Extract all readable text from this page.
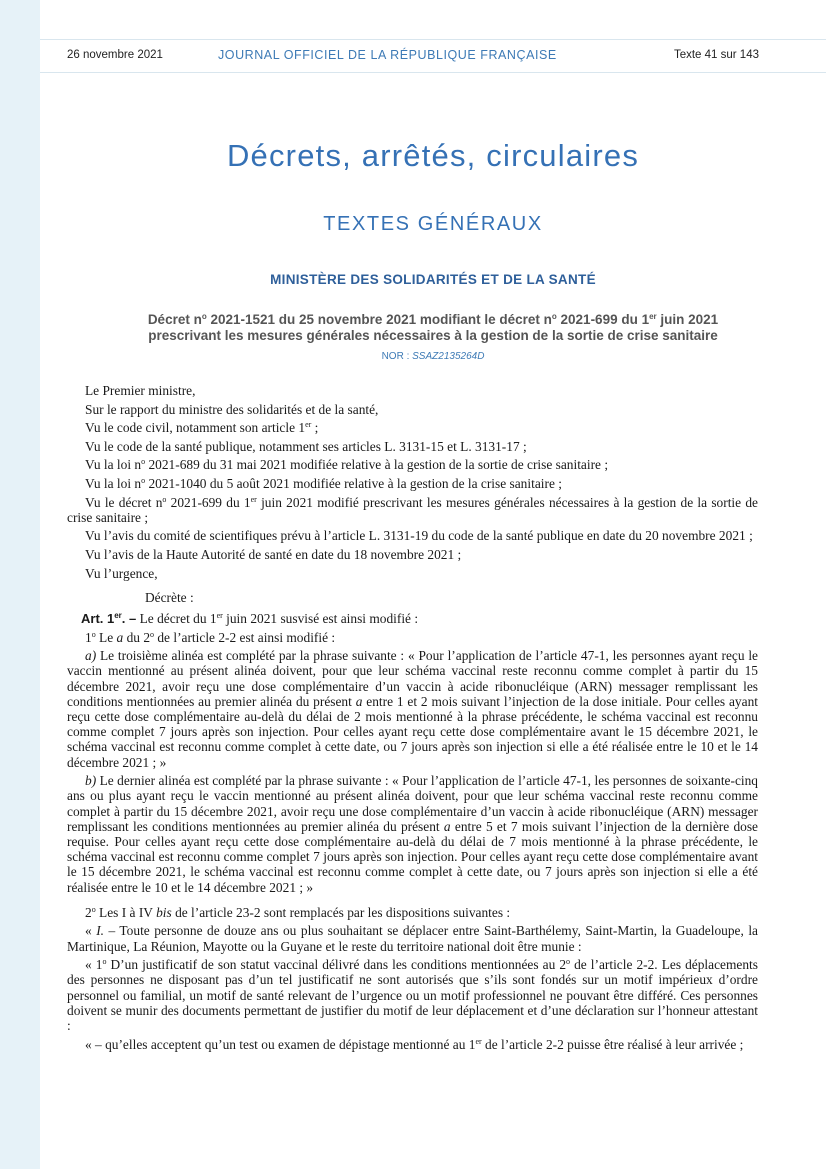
26 novembre 2021	JOURNAL OFFICIEL DE LA RÉPUBLIQUE FRANÇAISE	Texte 41 sur 143
Décrets, arrêtés, circulaires
TEXTES GÉNÉRAUX
MINISTÈRE DES SOLIDARITÉS ET DE LA SANTÉ
Décret $n^o$ 2021-1521 du 25 novembre 2021 modifiant le décret $n^o$ 2021-699 du 1er juin 2021
prescrivant les mesures générales nécessaires à la gestion de la sortie de crise sanitaire
NOR : SSAZ2135264D

Le Premier ministre,

Sur le rapport du ministre des solidarités et de la santé,

Vu le code civil, notamment son article 1er ;

Vu le code de la santé publique, notamment ses articles L. 3131-15 et L. 3131-17 ;

Vu la loi $n^o$ 2021-689 du 31 mai 2021 modifiée relative à la gestion de la sortie de crise sanitaire ;

Vu la loi $n^o$ 2021-1040 du 5 août 2021 modifiée relative à la gestion de la crise sanitaire ;

Vu le décret $n^o$ 2021-699 du 1er juin 2021 modifié prescrivant les mesures générales nécessaires à la gestion de la sortie de crise sanitaire ;

Vu l’avis du comité de scientifiques prévu à l’article L. 3131-19 du code de la santé publique en date du 20 novembre 2021 ;

Vu l’avis de la Haute Autorité de santé en date du 18 novembre 2021 ;

Vu l’urgence,

Décrète :

Art. 1er. – Le décret du 1er juin 2021 susvisé est ainsi modifié :

1$^o$ Le a du 2$^o$ de l’article 2-2 est ainsi modifié :

a) Le troisième alinéa est complété par la phrase suivante : « Pour l’application de l’article 47-1, les personnes ayant reçu le vaccin mentionné au présent alinéa doivent, pour que leur schéma vaccinal reste reconnu comme complet à partir du 15 décembre 2021, avoir reçu une dose complémentaire d’un vaccin à acide ribonucléique (ARN) messager remplissant les conditions mentionnées au premier alinéa du présent a entre 1 et 2 mois suivant l’injection de la dose initiale. Pour celles ayant reçu cette dose complémentaire au-delà du délai de 2 mois mentionné à la phrase précédente, le schéma vaccinal est reconnu comme complet 7 jours après son injection. Pour celles ayant reçu cette dose complémentaire avant le 15 décembre 2021, le schéma vaccinal est reconnu comme complet à cette date, ou 7 jours après son injection si elle a été réalisée entre le 10 et le 14 décembre 2021 ; »

b) Le dernier alinéa est complété par la phrase suivante : « Pour l’application de l’article 47-1, les personnes de soixante-cinq ans ou plus ayant reçu le vaccin mentionné au présent alinéa doivent, pour que leur schéma vaccinal reste reconnu comme complet à partir du 15 décembre 2021, avoir reçu une dose complémentaire d’un vaccin à acide ribonucléique (ARN) messager remplissant les conditions mentionnées au premier alinéa du présent a entre 5 et 7 mois suivant l’injection de la dernière dose requise. Pour celles ayant reçu cette dose complémentaire au-delà du délai de 7 mois mentionné à la phrase précédente, le schéma vaccinal est reconnu comme complet 7 jours après son injection. Pour celles ayant reçu cette dose complémentaire avant le 15 décembre 2021, le schéma vaccinal est reconnu comme complet à cette date, ou 7 jours après son injection si elle a été réalisée entre le 10 et le 14 décembre 2021 ; »

2$^o$ Les I à IV bis de l’article 23-2 sont remplacés par les dispositions suivantes :

« I. – Toute personne de douze ans ou plus souhaitant se déplacer entre Saint-Barthélemy, Saint-Martin, la Guadeloupe, la Martinique, La Réunion, Mayotte ou la Guyane et le reste du territoire national doit être munie :

« 1$^o$ D’un justificatif de son statut vaccinal délivré dans les conditions mentionnées au 2$^o$ de l’article 2-2. Les déplacements des personnes ne disposant pas d’un tel justificatif ne sont autorisés que s’ils sont fondés sur un motif impérieux d’ordre personnel ou familial, un motif de santé relevant de l’urgence ou un motif professionnel ne pouvant être différé. Ces personnes doivent se munir des documents permettant de justifier du motif de leur déplacement et d’une déclaration sur l’honneur attestant :

« – qu’elles acceptent qu’un test ou examen de dépistage mentionné au 1er de l’article 2-2 puisse être réalisé à leur arrivée ;
